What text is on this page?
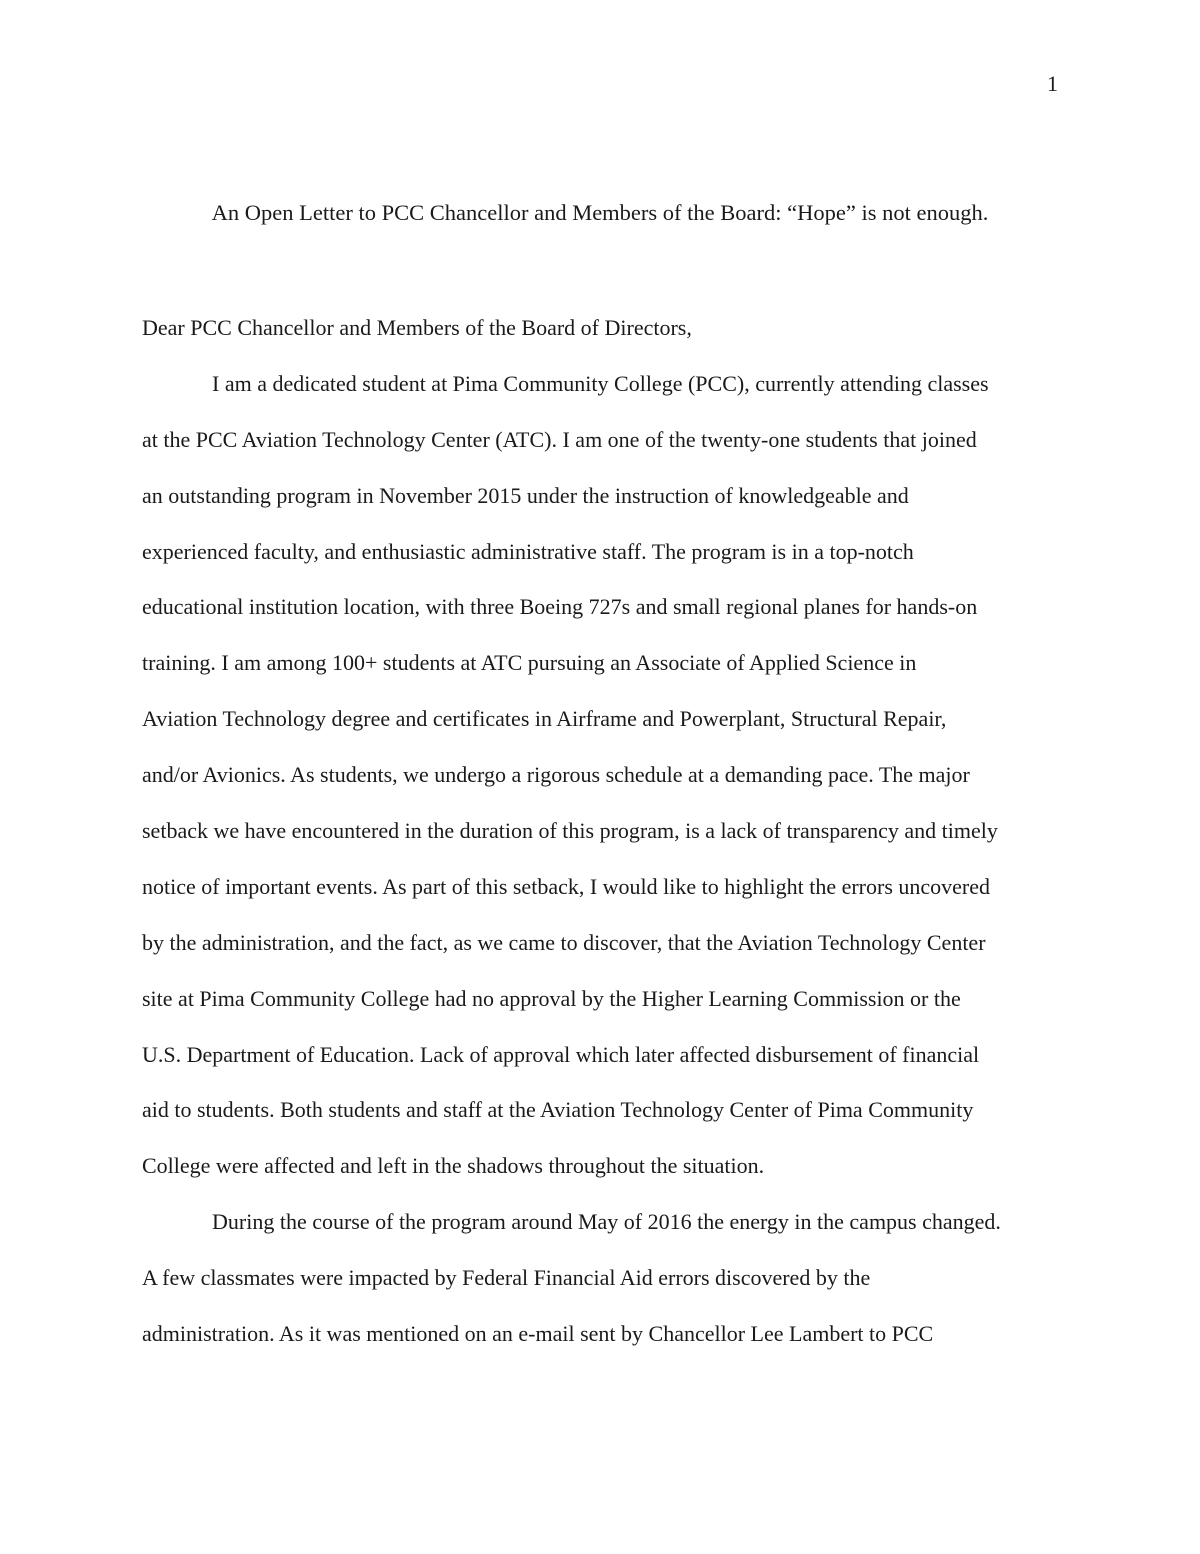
1
An Open Letter to PCC Chancellor and Members of the Board: “Hope” is not enough.
Dear PCC Chancellor and Members of the Board of Directors,
I am a dedicated student at Pima Community College (PCC), currently attending classes
at the PCC Aviation Technology Center (ATC). I am one of the twenty-one students that joined
an outstanding program in November 2015 under the instruction of knowledgeable and
experienced faculty, and enthusiastic administrative staff. The program is in a top-notch
educational institution location, with three Boeing 727s and small regional planes for hands-on
training. I am among 100+ students at ATC pursuing an Associate of Applied Science in
Aviation Technology degree and certificates in Airframe and Powerplant, Structural Repair,
and/or Avionics. As students, we undergo a rigorous schedule at a demanding pace. The major
setback we have encountered in the duration of this program, is a lack of transparency and timely
notice of important events. As part of this setback, I would like to highlight the errors uncovered
by the administration, and the fact, as we came to discover, that the Aviation Technology Center
site at Pima Community College had no approval by the Higher Learning Commission or the
U.S. Department of Education. Lack of approval which later affected disbursement of financial
aid to students. Both students and staff at the Aviation Technology Center of Pima Community
College were affected and left in the shadows throughout the situation.
During the course of the program around May of 2016 the energy in the campus changed.
A few classmates were impacted by Federal Financial Aid errors discovered by the
administration. As it was mentioned on an e-mail sent by Chancellor Lee Lambert to PCC
